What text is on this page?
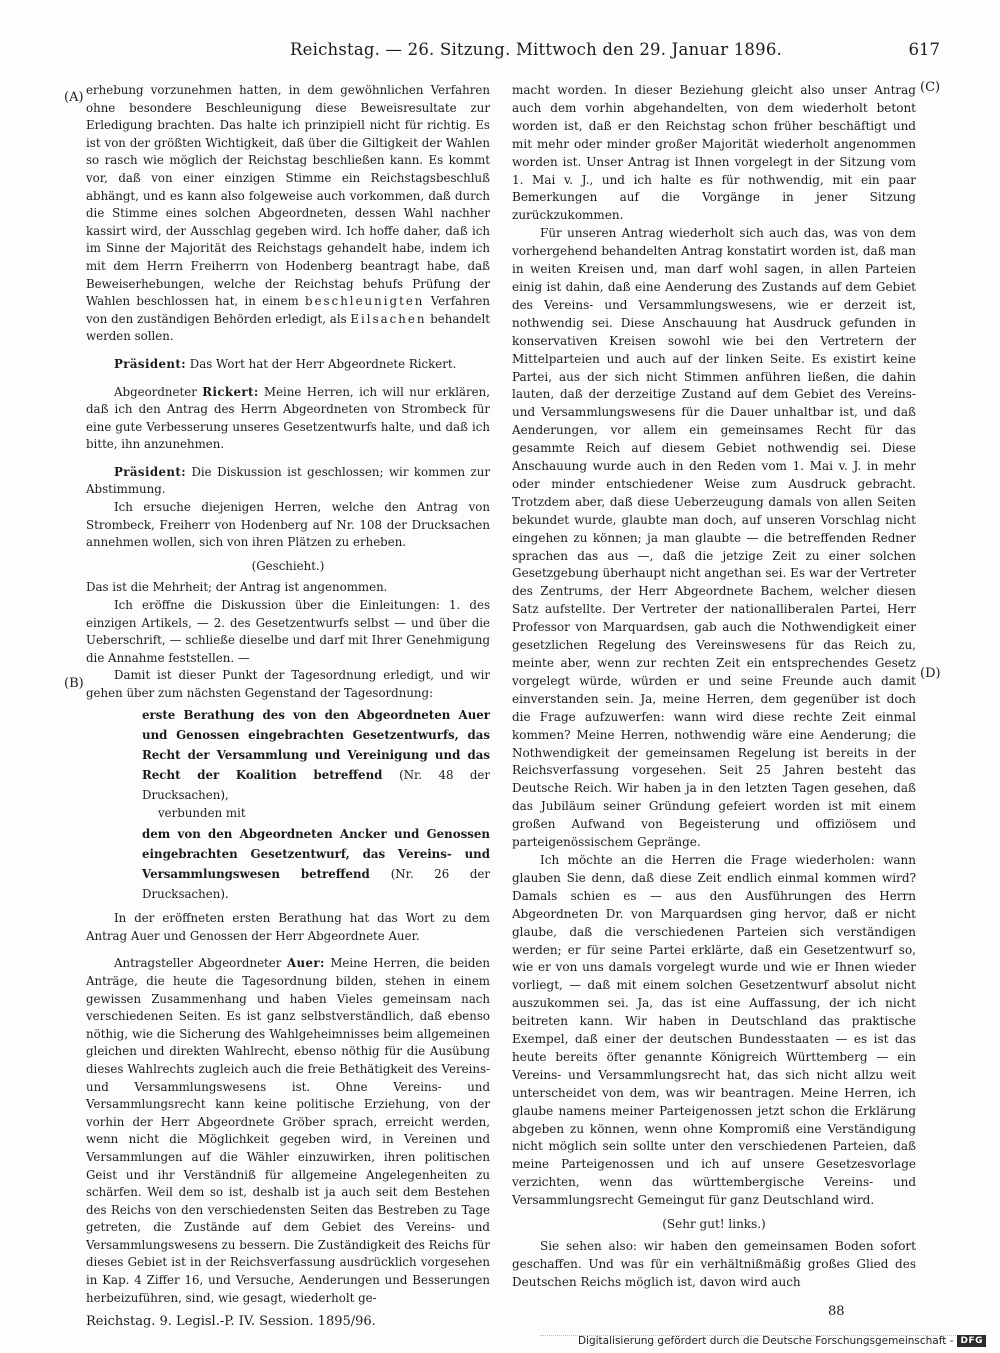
Reichstag. — 26. Sitzung. Mittwoch den 29. Januar 1896.	617
(A)
(B)
(C)
(D)

erhebung vorzunehmen hatten, in dem gewöhnlichen Verfahren ohne besondere Beschleunigung diese Beweisresultate zur Erledigung brachten. Das halte ich prinzipiell nicht für richtig. Es ist von der größten Wichtigkeit, daß über die Giltigkeit der Wahlen so rasch wie möglich der Reichstag beschließen kann. Es kommt vor, daß von einer einzigen Stimme ein Reichstagsbeschluß abhängt, und es kann also folgeweise auch vorkommen, daß durch die Stimme eines solchen Abgeordneten, dessen Wahl nachher kassirt wird, der Ausschlag gegeben wird. Ich hoffe daher, daß ich im Sinne der Majorität des Reichstags gehandelt habe, indem ich mit dem Herrn Freiherrn von Hodenberg beantragt habe, daß Beweiserhebungen, welche der Reichstag behufs Prüfung der Wahlen beschlossen hat, in einem beschleunigten Verfahren von den zuständigen Behörden erledigt, als Eilsachen behandelt werden sollen.

Präsident: Das Wort hat der Herr Abgeordnete Rickert.

Abgeordneter Rickert: Meine Herren, ich will nur erklären, daß ich den Antrag des Herrn Abgeordneten von Strombeck für eine gute Verbesserung unseres Gesetzentwurfs halte, und daß ich bitte, ihn anzunehmen.

Präsident: Die Diskussion ist geschlossen; wir kommen zur Abstimmung.

Ich ersuche diejenigen Herren, welche den Antrag von Strombeck, Freiherr von Hodenberg auf Nr. 108 der Drucksachen annehmen wollen, sich von ihren Plätzen zu erheben.

(Geschieht.)

Das ist die Mehrheit; der Antrag ist angenommen.

Ich eröffne die Diskussion über die Einleitungen: 1. des einzigen Artikels, — 2. des Gesetzentwurfs selbst — und über die Ueberschrift, — schließe dieselbe und darf mit Ihrer Genehmigung die Annahme feststellen. —

Damit ist dieser Punkt der Tagesordnung erledigt, und wir gehen über zum nächsten Gegenstand der Tagesordnung:

erste Berathung des von den Abgeordneten Auer und Genossen eingebrachten Gesetzentwurfs, das Recht der Versammlung und Vereinigung und das Recht der Koalition betreffend (Nr. 48 der Drucksachen),

verbunden mit

dem von den Abgeordneten Ancker und Genossen eingebrachten Gesetzentwurf, das Vereins- und Versammlungswesen betreffend (Nr. 26 der Drucksachen).

In der eröffneten ersten Berathung hat das Wort zu dem Antrag Auer und Genossen der Herr Abgeordnete Auer.

Antragsteller Abgeordneter Auer: Meine Herren, die beiden Anträge, die heute die Tagesordnung bilden, stehen in einem gewissen Zusammenhang und haben Vieles gemeinsam nach verschiedenen Seiten. Es ist ganz selbstverständlich, daß ebenso nöthig, wie die Sicherung des Wahlgeheimnisses beim allgemeinen gleichen und direkten Wahlrecht, ebenso nöthig für die Ausübung dieses Wahlrechts zugleich auch die freie Bethätigkeit des Vereins- und Versammlungswesens ist. Ohne Vereins- und Versammlungsrecht kann keine politische Erziehung, von der vorhin der Herr Abgeordnete Gröber sprach, erreicht werden, wenn nicht die Möglichkeit gegeben wird, in Vereinen und Versammlungen auf die Wähler einzuwirken, ihren politischen Geist und ihr Verständniß für allgemeine Angelegenheiten zu schärfen. Weil dem so ist, deshalb ist ja auch seit dem Bestehen des Reichs von den verschiedensten Seiten das Bestreben zu Tage getreten, die Zustände auf dem Gebiet des Vereins- und Versammlungswesens zu bessern. Die Zuständigkeit des Reichs für dieses Gebiet ist in der Reichsverfassung ausdrücklich vorgesehen in Kap. 4 Ziffer 16, und Versuche, Aenderungen und Besserungen herbeizuführen, sind, wie gesagt, wiederholt ge-

macht worden. In dieser Beziehung gleicht also unser Antrag auch dem vorhin abgehandelten, von dem wiederholt betont worden ist, daß er den Reichstag schon früher beschäftigt und mit mehr oder minder großer Majorität wiederholt angenommen worden ist. Unser Antrag ist Ihnen vorgelegt in der Sitzung vom 1. Mai v. J., und ich halte es für nothwendig, mit ein paar Bemerkungen auf die Vorgänge in jener Sitzung zurückzukommen.

Für unseren Antrag wiederholt sich auch das, was von dem vorhergehend behandelten Antrag konstatirt worden ist, daß man in weiten Kreisen und, man darf wohl sagen, in allen Parteien einig ist dahin, daß eine Aenderung des Zustands auf dem Gebiet des Vereins- und Versammlungswesens, wie er derzeit ist, nothwendig sei. Diese Anschauung hat Ausdruck gefunden in konservativen Kreisen sowohl wie bei den Vertretern der Mittelparteien und auch auf der linken Seite. Es existirt keine Partei, aus der sich nicht Stimmen anführen ließen, die dahin lauten, daß der derzeitige Zustand auf dem Gebiet des Vereins- und Versammlungswesens für die Dauer unhaltbar ist, und daß Aenderungen, vor allem ein gemeinsames Recht für das gesammte Reich auf diesem Gebiet nothwendig sei. Diese Anschauung wurde auch in den Reden vom 1. Mai v. J. in mehr oder minder entschiedener Weise zum Ausdruck gebracht. Trotzdem aber, daß diese Ueberzeugung damals von allen Seiten bekundet wurde, glaubte man doch, auf unseren Vorschlag nicht eingehen zu können; ja man glaubte — die betreffenden Redner sprachen das aus —, daß die jetzige Zeit zu einer solchen Gesetzgebung überhaupt nicht angethan sei. Es war der Vertreter des Zentrums, der Herr Abgeordnete Bachem, welcher diesen Satz aufstellte. Der Vertreter der nationalliberalen Partei, Herr Professor von Marquardsen, gab auch die Nothwendigkeit einer gesetzlichen Regelung des Vereinswesens für das Reich zu, meinte aber, wenn zur rechten Zeit ein entsprechendes Gesetz vorgelegt würde, würden er und seine Freunde auch damit einverstanden sein. Ja, meine Herren, dem gegenüber ist doch die Frage aufzuwerfen: wann wird diese rechte Zeit einmal kommen? Meine Herren, nothwendig wäre eine Aenderung; die Nothwendigkeit der gemeinsamen Regelung ist bereits in der Reichsverfassung vorgesehen. Seit 25 Jahren besteht das Deutsche Reich. Wir haben ja in den letzten Tagen gesehen, daß das Jubiläum seiner Gründung gefeiert worden ist mit einem großen Aufwand von Begeisterung und offiziösem und parteigenössischem Gepränge.

Ich möchte an die Herren die Frage wiederholen: wann glauben Sie denn, daß diese Zeit endlich einmal kommen wird? Damals schien es — aus den Ausführungen des Herrn Abgeordneten Dr. von Marquardsen ging hervor, daß er nicht glaube, daß die verschiedenen Parteien sich verständigen werden; er für seine Partei erklärte, daß ein Gesetzentwurf so, wie er von uns damals vorgelegt wurde und wie er Ihnen wieder vorliegt, — daß mit einem solchen Gesetzentwurf absolut nicht auszukommen sei. Ja, das ist eine Auffassung, der ich nicht beitreten kann. Wir haben in Deutschland das praktische Exempel, daß einer der deutschen Bundesstaaten — es ist das heute bereits öfter genannte Königreich Württemberg — ein Vereins- und Versammlungsrecht hat, das sich nicht allzu weit unterscheidet von dem, was wir beantragen. Meine Herren, ich glaube namens meiner Parteigenossen jetzt schon die Erklärung abgeben zu können, wenn ohne Kompromiß eine Verständigung nicht möglich sein sollte unter den verschiedenen Parteien, daß meine Parteigenossen und ich auf unsere Gesetzesvorlage verzichten, wenn das württembergische Vereins- und Versammlungsrecht Gemeingut für ganz Deutschland wird.

(Sehr gut! links.)

Sie sehen also: wir haben den gemeinsamen Boden sofort geschaffen. Und was für ein verhältnißmäßig großes Glied des Deutschen Reichs möglich ist, davon wird auch

Reichstag. 9. Legisl.-P. IV. Session. 1895/96.
88
Digitalisierung gefördert durch die Deutsche Forschungsgemeinschaft - DFG
